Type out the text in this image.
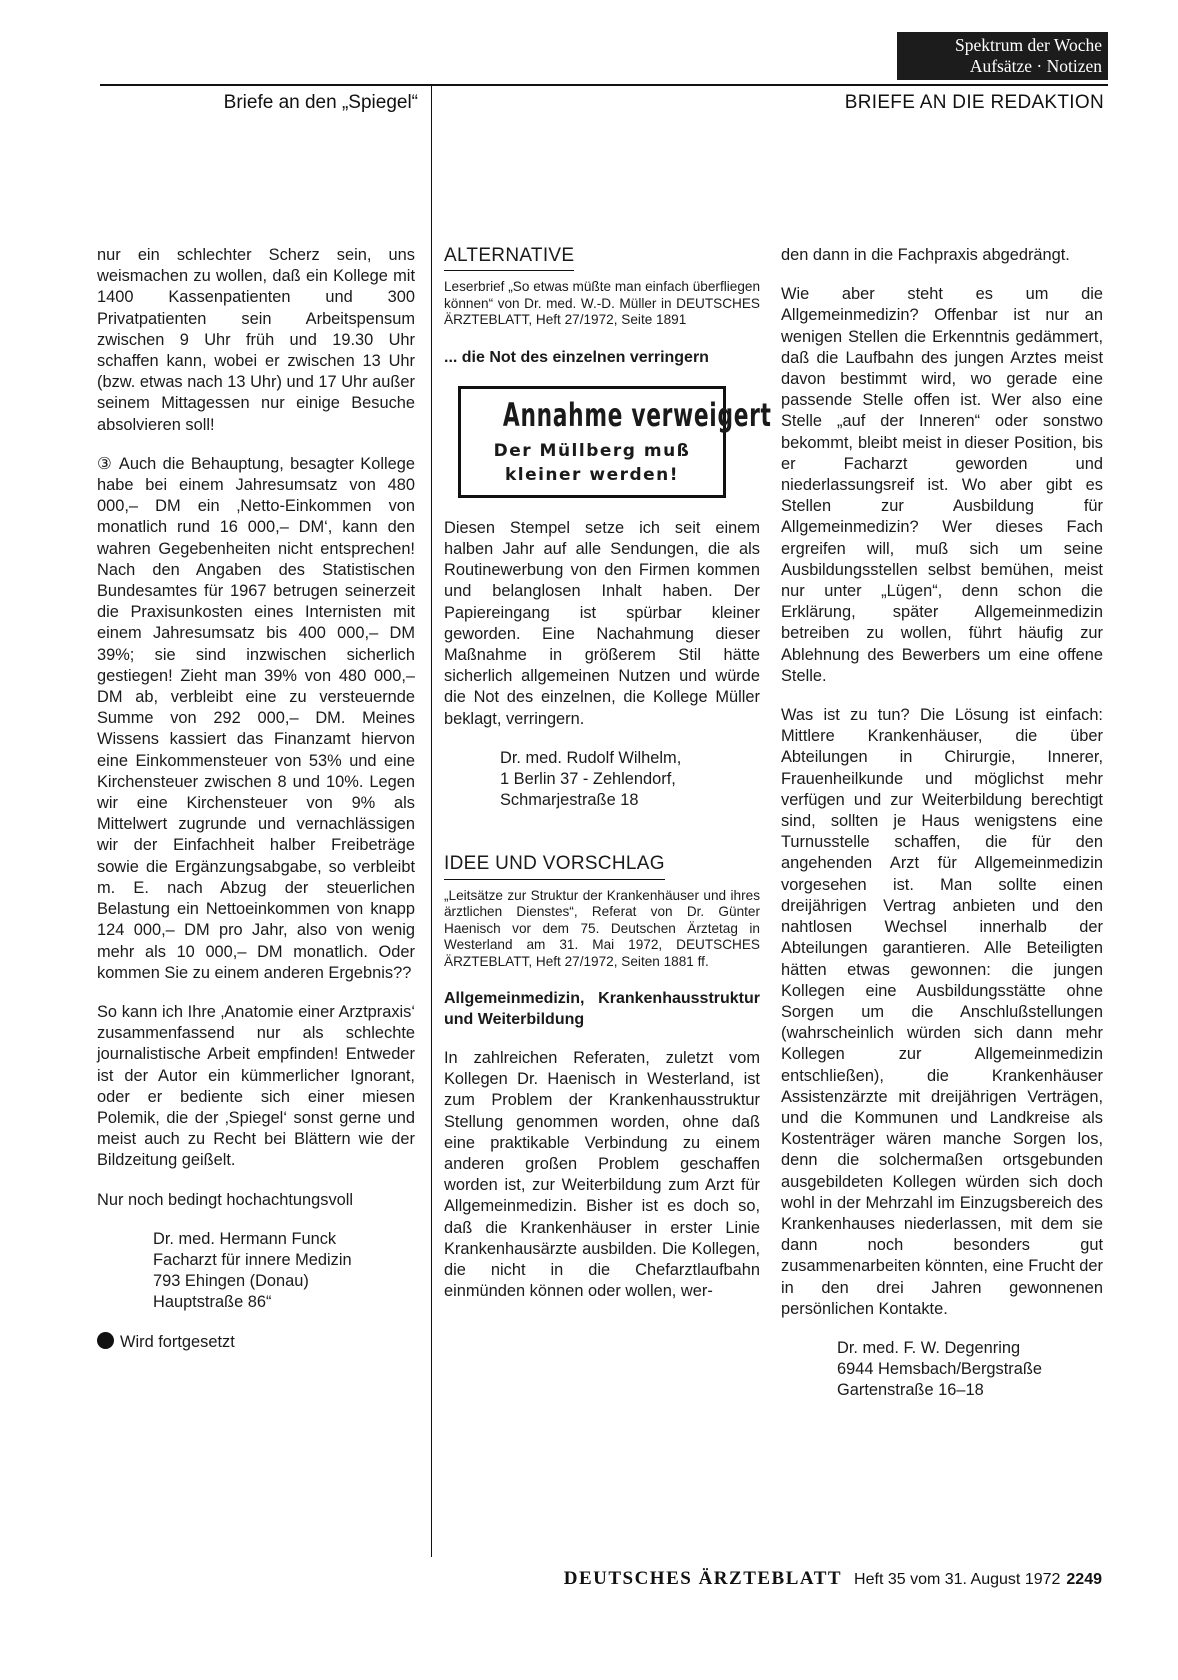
Spektrum der Woche
Aufsätze · Notizen
Briefe an den „Spiegel“	BRIEFE AN DIE REDAKTION

nur ein schlechter Scherz sein, uns weismachen zu wollen, daß ein Kollege mit 1400 Kassenpatienten und 300 Privatpatienten sein Arbeitspensum zwischen 9 Uhr früh und 19.30 Uhr schaffen kann, wobei er zwischen 13 Uhr (bzw. etwas nach 13 Uhr) und 17 Uhr außer seinem Mittagessen nur einige Besuche absolvieren soll!

③ Auch die Behauptung, besagter Kollege habe bei einem Jahresumsatz von 480 000,– DM ein ‚Netto-Einkommen von monatlich rund 16 000,– DM‘, kann den wahren Gegebenheiten nicht entsprechen! Nach den Angaben des Statistischen Bundesamtes für 1967 betrugen seinerzeit die Praxisunkosten eines Internisten mit einem Jahresumsatz bis 400 000,– DM 39%; sie sind inzwischen sicherlich gestiegen! Zieht man 39% von 480 000,– DM ab, verbleibt eine zu versteuernde Summe von 292 000,– DM. Meines Wissens kassiert das Finanzamt hiervon eine Einkommensteuer von 53% und eine Kirchensteuer zwischen 8 und 10%. Legen wir eine Kirchensteuer von 9% als Mittelwert zugrunde und vernachlässigen wir der Einfachheit halber Freibeträge sowie die Ergänzungsabgabe, so verbleibt m. E. nach Abzug der steuerlichen Belastung ein Nettoeinkommen von knapp 124 000,– DM pro Jahr, also von wenig mehr als 10 000,– DM monatlich. Oder kommen Sie zu einem anderen Ergebnis??

So kann ich Ihre ‚Anatomie einer Arztpraxis‘ zusammenfassend nur als schlechte journalistische Arbeit empfinden! Entweder ist der Autor ein kümmerlicher Ignorant, oder er bediente sich einer miesen Polemik, die der ‚Spiegel‘ sonst gerne und meist auch zu Recht bei Blättern wie der Bildzeitung geißelt.

Nur noch bedingt hochachtungsvoll

Dr. med. Hermann Funck
Facharzt für innere Medizin
793 Ehingen (Donau)
Hauptstraße 86“

Wird fortgesetzt

ALTERNATIVE

Leserbrief „So etwas müßte man einfach überfliegen können“ von Dr. med. W.-D. Müller in DEUTSCHES ÄRZTEBLATT, Heft 27/1972, Seite 1891

... die Not des einzelnen verringern

Annahme verweigert
Der Müllberg muß
kleiner werden!

Diesen Stempel setze ich seit einem halben Jahr auf alle Sendungen, die als Routinewerbung von den Firmen kommen und belanglosen Inhalt haben. Der Papiereingang ist spürbar kleiner geworden. Eine Nachahmung dieser Maßnahme in größerem Stil hätte sicherlich allgemeinen Nutzen und würde die Not des einzelnen, die Kollege Müller beklagt, verringern.

Dr. med. Rudolf Wilhelm,
1 Berlin 37 - Zehlendorf,
Schmarjestraße 18
IDEE UND VORSCHLAG

„Leitsätze zur Struktur der Krankenhäuser und ihres ärztlichen Dienstes“, Referat von Dr. Günter Haenisch vor dem 75. Deutschen Ärztetag in Westerland am 31. Mai 1972, DEUTSCHES ÄRZTEBLATT, Heft 27/1972, Seiten 1881 ff.

Allgemeinmedizin, Krankenhausstruktur und Weiterbildung

In zahlreichen Referaten, zuletzt vom Kollegen Dr. Haenisch in Westerland, ist zum Problem der Krankenhausstruktur Stellung genommen worden, ohne daß eine praktikable Verbindung zu einem anderen großen Problem geschaffen worden ist, zur Weiterbildung zum Arzt für Allgemeinmedizin. Bisher ist es doch so, daß die Krankenhäuser in erster Linie Krankenhausärzte ausbilden. Die Kollegen, die nicht in die Chefarztlaufbahn einmünden können oder wollen, wer-

den dann in die Fachpraxis abgedrängt.

Wie aber steht es um die Allgemeinmedizin? Offenbar ist nur an wenigen Stellen die Erkenntnis gedämmert, daß die Laufbahn des jungen Arztes meist davon bestimmt wird, wo gerade eine passende Stelle offen ist. Wer also eine Stelle „auf der Inneren“ oder sonstwo bekommt, bleibt meist in dieser Position, bis er Facharzt geworden und niederlassungsreif ist. Wo aber gibt es Stellen zur Ausbildung für Allgemeinmedizin? Wer dieses Fach ergreifen will, muß sich um seine Ausbildungsstellen selbst bemühen, meist nur unter „Lügen“, denn schon die Erklärung, später Allgemeinmedizin betreiben zu wollen, führt häufig zur Ablehnung des Bewerbers um eine offene Stelle.

Was ist zu tun? Die Lösung ist einfach: Mittlere Krankenhäuser, die über Abteilungen in Chirurgie, Innerer, Frauenheilkunde und möglichst mehr verfügen und zur Weiterbildung berechtigt sind, sollten je Haus wenigstens eine Turnusstelle schaffen, die für den angehenden Arzt für Allgemeinmedizin vorgesehen ist. Man sollte einen dreijährigen Vertrag anbieten und den nahtlosen Wechsel innerhalb der Abteilungen garantieren. Alle Beteiligten hätten etwas gewonnen: die jungen Kollegen eine Ausbildungsstätte ohne Sorgen um die Anschlußstellungen (wahrscheinlich würden sich dann mehr Kollegen zur Allgemeinmedizin entschließen), die Krankenhäuser Assistenzärzte mit dreijährigen Verträgen, und die Kommunen und Landkreise als Kostenträger wären manche Sorgen los, denn die solchermaßen ortsgebunden ausgebildeten Kollegen würden sich doch wohl in der Mehrzahl im Einzugsbereich des Krankenhauses niederlassen, mit dem sie dann noch besonders gut zusammenarbeiten könnten, eine Frucht der in den drei Jahren gewonnenen persönlichen Kontakte.

Dr. med. F. W. Degenring
6944 Hemsbach/Bergstraße
Gartenstraße 16–18
DEUTSCHES ÄRZTEBLATT Heft 35 vom 31. August 1972 2249
